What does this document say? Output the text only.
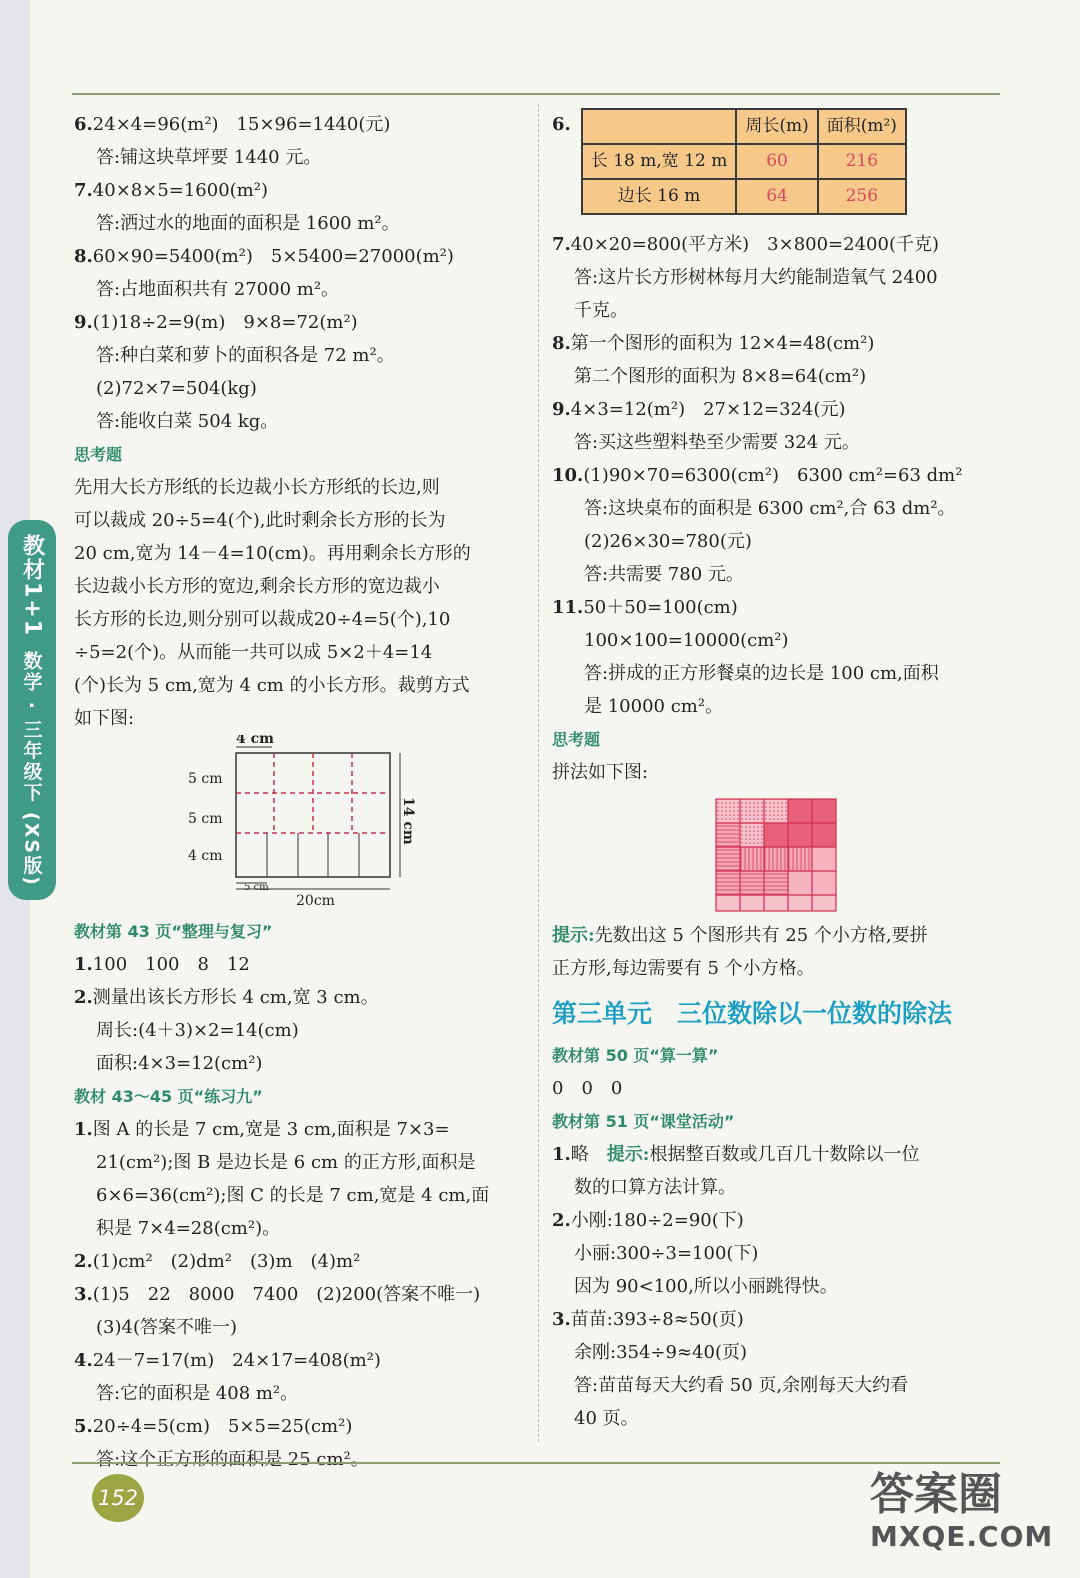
教材1+1
数学 · 三年级下 (XS版)
6.24×4=96(m²)　15×96=1440(元)
答:铺这块草坪要 1440 元。
7.40×8×5=1600(m²)
答:洒过水的地面的面积是 1600 m²。
8.60×90=5400(m²)　5×5400=27000(m²)
答:占地面积共有 27000 m²。
9.(1)18÷2=9(m)　9×8=72(m²)
答:种白菜和萝卜的面积各是 72 m²。
(2)72×7=504(kg)
答:能收白菜 504 kg。
思考题
先用大长方形纸的长边裁小长方形纸的长边,则
可以裁成 20÷5=4(个),此时剩余长方形的长为
20 cm,宽为 14－4=10(cm)。再用剩余长方形的
长边裁小长方形的宽边,剩余长方形的宽边裁小
长方形的长边,则分别可以裁成20÷4=5(个),10
÷5=2(个)。从而能一共可以成 5×2＋4=14
(个)长为 5 cm,宽为 4 cm 的小长方形。裁剪方式
如下图:
4 cm
5 cm
5 cm
4 cm
14 cm
5 cm
20cm
教材第 43 页“整理与复习”
1.100　100　8　12
2.测量出该长方形长 4 cm,宽 3 cm。
周长:(4＋3)×2=14(cm)
面积:4×3=12(cm²)
教材 43～45 页“练习九”
1.图 A 的长是 7 cm,宽是 3 cm,面积是 7×3=
21(cm²);图 B 是边长是 6 cm 的正方形,面积是
6×6=36(cm²);图 C 的长是 7 cm,宽是 4 cm,面
积是 7×4=28(cm²)。
2.(1)cm²　(2)dm²　(3)m　(4)m²
3.(1)5　22　8000　7400　(2)200(答案不唯一)
(3)4(答案不唯一)
4.24－7=17(m)　24×17=408(m²)
答:它的面积是 408 m²。
5.20÷4=5(cm)　5×5=25(cm²)
答:这个正方形的面积是 25 cm²。
6.
		周长(m)	面积(m²)
长 18 m,宽 12 m	60	216
边长 16 m	64	256
7.40×20=800(平方米)　3×800=2400(千克)
答:这片长方形树林每月大约能制造氧气 2400
千克。
8.第一个图形的面积为 12×4=48(cm²)
第二个图形的面积为 8×8=64(cm²)
9.4×3=12(m²)　27×12=324(元)
答:买这些塑料垫至少需要 324 元。
10.(1)90×70=6300(cm²)　6300 cm²=63 dm²
答:这块桌布的面积是 6300 cm²,合 63 dm²。
(2)26×30=780(元)
答:共需要 780 元。
11.50＋50=100(cm)
100×100=10000(cm²)
答:拼成的正方形餐桌的边长是 100 cm,面积
是 10000 cm²。
思考题
拼法如下图:
提示:先数出这 5 个图形共有 25 个小方格,要拼
正方形,每边需要有 5 个小方格。
第三单元　三位数除以一位数的除法
教材第 50 页“算一算”
0　0　0
教材第 51 页“课堂活动”
1.略　提示:根据整百数或几百几十数除以一位
数的口算方法计算。
2.小刚:180÷2=90(下)
小丽:300÷3=100(下)
因为 90<100,所以小丽跳得快。
3.苗苗:393÷8≈50(页)
余刚:354÷9≈40(页)
答:苗苗每天大约看 50 页,余刚每天大约看
40 页。
152	答案圈
MXQE.COM
